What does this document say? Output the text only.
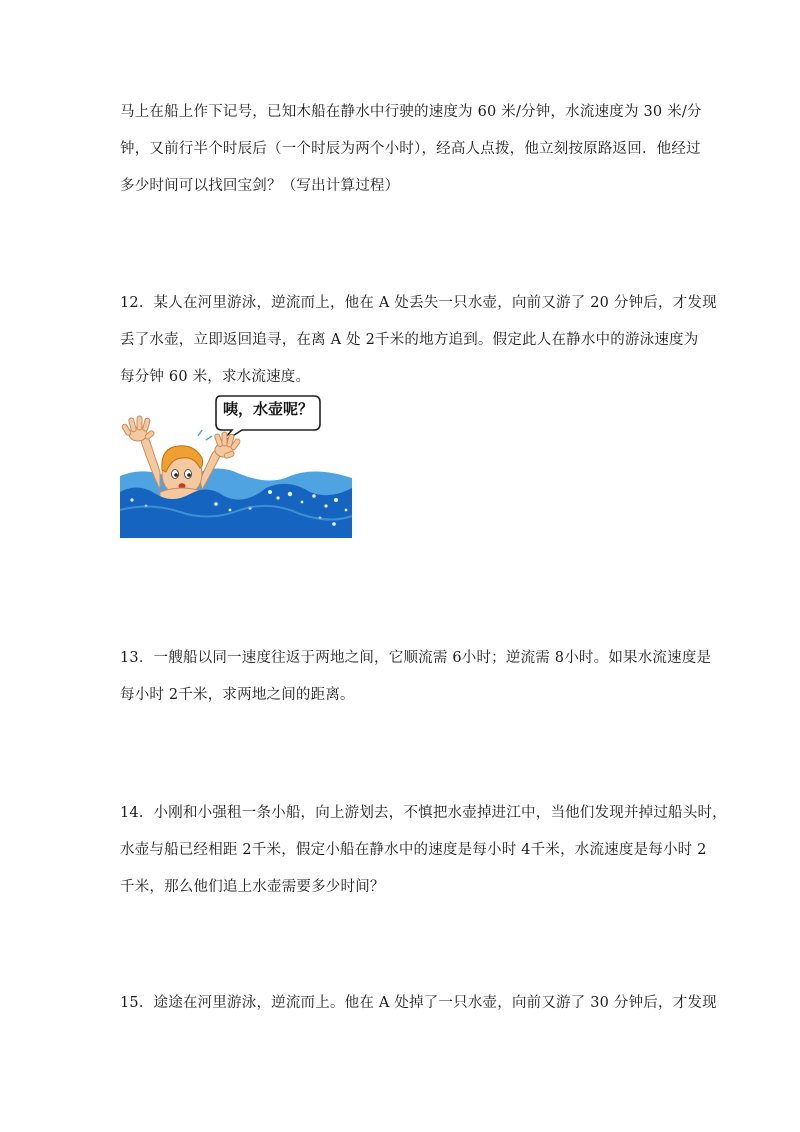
马上在船上作下记号，已知木船在静水中行驶的速度为 60 米/分钟，水流速度为 30 米/分
钟，又前行半个时辰后（一个时辰为两个小时），经高人点拨，他立刻按原路返回．他经过
多少时间可以找回宝剑？（写出计算过程）
12．某人在河里游泳，逆流而上，他在 A 处丢失一只水壶，向前又游了 20 分钟后，才发现
丢了水壶，立即返回追寻，在离 A 处 2千米的地方追到。假定此人在静水中的游泳速度为
每分钟 60 米，求水流速度。
咦，水壶呢？
13．一艘船以同一速度往返于两地之间，它顺流需 6小时；逆流需 8小时。如果水流速度是
每小时 2千米，求两地之间的距离。
14．小刚和小强租一条小船，向上游划去，不慎把水壶掉进江中，当他们发现并掉过船头时，
水壶与船已经相距 2千米，假定小船在静水中的速度是每小时 4千米，水流速度是每小时 2
千米，那么他们追上水壶需要多少时间？
15．途途在河里游泳，逆流而上。他在 A 处掉了一只水壶，向前又游了 30 分钟后，才发现
